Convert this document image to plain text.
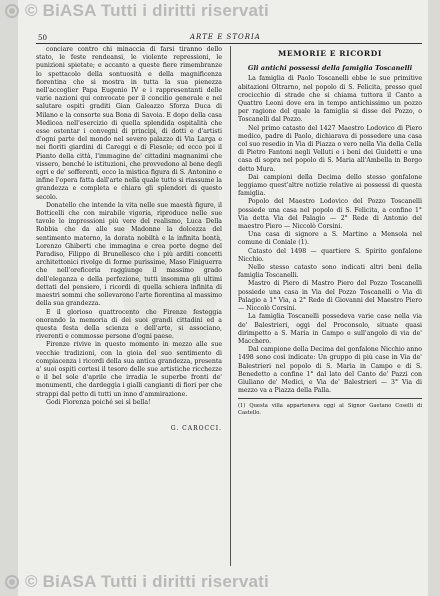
© BiASA Tutti i diritti riservati
50	ARTE E STORIA

conciare contro chi minaccia di farsi tiranno dello stato, le feste rendeansi, le violente repressioni, le punizioni spietate; e accanto a queste fiere rimembranze lo spettacolo della sontuosità e della magnificenza fiorentina che si mostra in tutta la sua pienezza nell'accoglier Papa Eugenio IV e i rappresentanti delle varie nazioni qui convocate per il concilio generale e nel salutare ospiti graditi Gian Galeazzo Sforza Duca di Milano e la consorte sua Bona di Savoia. E dopo della casa Medicea nell'esercizio di quella splendida ospitalità che esse ostentar i convegni di principi, di dotti e d'artisti d'ogni parte del mondo nel severo palazzo di Via Larga e nei fioriti giardini di Careggi e di Fiesole; ed ecco poi il Pianto della città, l'immagine de' cittadini magnanimi che vissero, benché le istituzioni, che provvedono al bene degli egri e de' sofferenti, ecco la mistica figura di S. Antonino e infine l'opera fatta dall'arte nella quale tutto si riassume la grandezza e completa e chiara gli splendori di questo secolo.

Donatello che intende la vita nelle sue maestà figure, il Botticelli che con mirabile vigoria, riproduce nelle sue tavole le impressioni più vere del realismo, Luca Della Robbia che da alle sue Madonne la dolcezza del sentimento materno, la dorata nobiltà e la infinita bontà, Lorenzo Ghiberti che immagina e crea porte degne del Paradiso, Filippo di Brunellesco che i più arditi concetti architettonici rivolge di forme purissime, Maso Finiguerra che nell'oreficeria raggiunge il massimo grado dell'eleganza e della perfezione, tutti insomma gli ultimi dettati del pensiero, i ricordi di quella schiera infinita di maestri sommi che sollevarono l'arte fiorentina al massimo della sua grandezza.

E il glorioso quattrocento che Firenze festeggia onorando la memoria di dei suoi grandi cittadini ed a questa festa della scienza e dell'arte, si associano, riverenti e commosse persone d'ogni paese.

Firenze rivive in questo momento in mezzo alle sue vecchie tradizioni, con la gioia del suo sentimento di compiacenza i ricordi della sua antica grandezza, presenta a' suoi ospiti cortesi il tesoro delle sue artistiche ricchezze e il bel sole d'aprile che irradia le superbe fronti de' monumenti, che dardeggia i gialli cangianti di fiori per che strappi dal petto di tutti un inno d'ammirazione.

Godi Fiorenza poiché sei sì bella!

G. CAROCCI.

MEMORIE E RICORDI

Gli antichi possessi della famiglia Toscanelli

La famiglia di Paolo Toscanelli ebbe le sue primitive abitazioni Oltrarno, nel popolo di S. Felicita, presso quel crocicchio di strade che si chiama tuttora il Canto a Quattro Leoni dove era in tempo antichissimo un pozzo per ragione del quale la famiglia si disse del Pozzo, o Toscanelli dal Pozzo.

Nel primo catasto del 1427 Maestro Lodovico di Piero medico, padre di Paolo, dichiarava di possedere una casa col suo resedio in Via di Piazza o vero nella Via della Cella di Pietro Fantoni negli Velluti e i beni dei Guidetti e una casa di sopra nel popolo di S. Maria all'Ambella in Borgo detto Mura.

Dai campioni della Decima dello stesso gonfalone leggiamo quest'altre notizie relative ai possessi di questa famiglia.

Popolo del Maestro Lodovico del Pozzo Toscanelli possiede una casa nel popolo di S. Felicita, a confine 1° Via detta Via del Palagio — 2° Rede di Antonio del maestro Piero — Niccolò Corsini.

Una casa di signore a S. Martino a Mensola nel comune di Coniale (1).

Catasto del 1498 — quartiere S. Spirito gonfalone Nicchio.

Nello stesso catasto sono indicati altri beni della famiglia Toscanelli.

Mastro di Piero di Mastro Piero del Pozzo Toscanelli possiede una casa in Via del Pozzo Toscanelli o Via di Palagio a 1° Via, a 2° Rede di Giovanni del Maestro Piero — Niccolò Corsini.

La famiglia Toscanelli possedeva varie case nella via de' Balestrieri, oggi del Proconsolo, situate quasi dirimpetto a S. Maria in Campo e sull'angolo di via de' Macchero.

Dal campione della Decima del gonfalone Nicchio anno 1498 sono così indicate: Un gruppo di più case in Via de' Balestrieri nel popolo di S. Maria in Campo e di S. Benedetto a confine 1° dal lato del Canto de' Pazzi con Giuliano de' Medici, e Via de' Balestrieri — 3° Via di mezzo va a Piazza della Palla.

(1) Questa villa apparteneva oggi al Signor Gaetano Coselli di Castello.

© BiASA Tutti i diritti riservati
